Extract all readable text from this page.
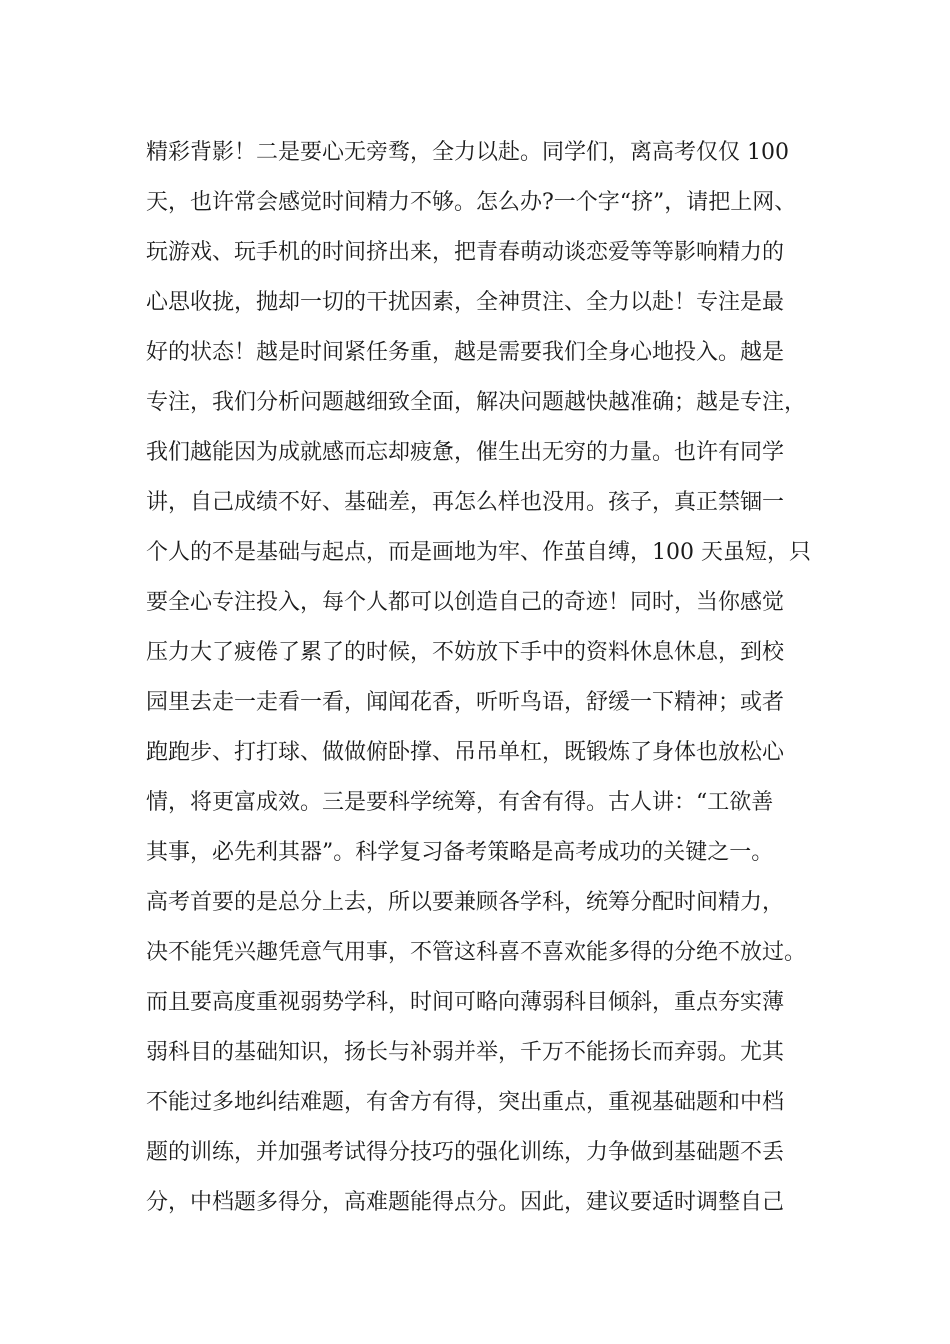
精彩背影！二是要心无旁骛，全力以赴。同学们，离高考仅仅 100
天，也许常会感觉时间精力不够。怎么办?一个字“挤”，请把上网、
玩游戏、玩手机的时间挤出来，把青春萌动谈恋爱等等影响精力的
心思收拢，抛却一切的干扰因素，全神贯注、全力以赴！专注是最
好的状态！越是时间紧任务重，越是需要我们全身心地投入。越是
专注，我们分析问题越细致全面，解决问题越快越准确；越是专注，
我们越能因为成就感而忘却疲惫，催生出无穷的力量。也许有同学
讲，自己成绩不好、基础差，再怎么样也没用。孩子，真正禁锢一
个人的不是基础与起点，而是画地为牢、作茧自缚，100 天虽短，只
要全心专注投入，每个人都可以创造自己的奇迹！同时，当你感觉
压力大了疲倦了累了的时候，不妨放下手中的资料休息休息，到校
园里去走一走看一看，闻闻花香，听听鸟语，舒缓一下精神；或者
跑跑步、打打球、做做俯卧撑、吊吊单杠，既锻炼了身体也放松心
情，将更富成效。三是要科学统筹，有舍有得。古人讲：“工欲善
其事，必先利其器”。科学复习备考策略是高考成功的关键之一。
高考首要的是总分上去，所以要兼顾各学科，统筹分配时间精力，
决不能凭兴趣凭意气用事，不管这科喜不喜欢能多得的分绝不放过。
而且要高度重视弱势学科，时间可略向薄弱科目倾斜，重点夯实薄
弱科目的基础知识，扬长与补弱并举，千万不能扬长而弃弱。尤其
不能过多地纠结难题，有舍方有得，突出重点，重视基础题和中档
题的训练，并加强考试得分技巧的强化训练，力争做到基础题不丢
分，中档题多得分，高难题能得点分。因此，建议要适时调整自己
